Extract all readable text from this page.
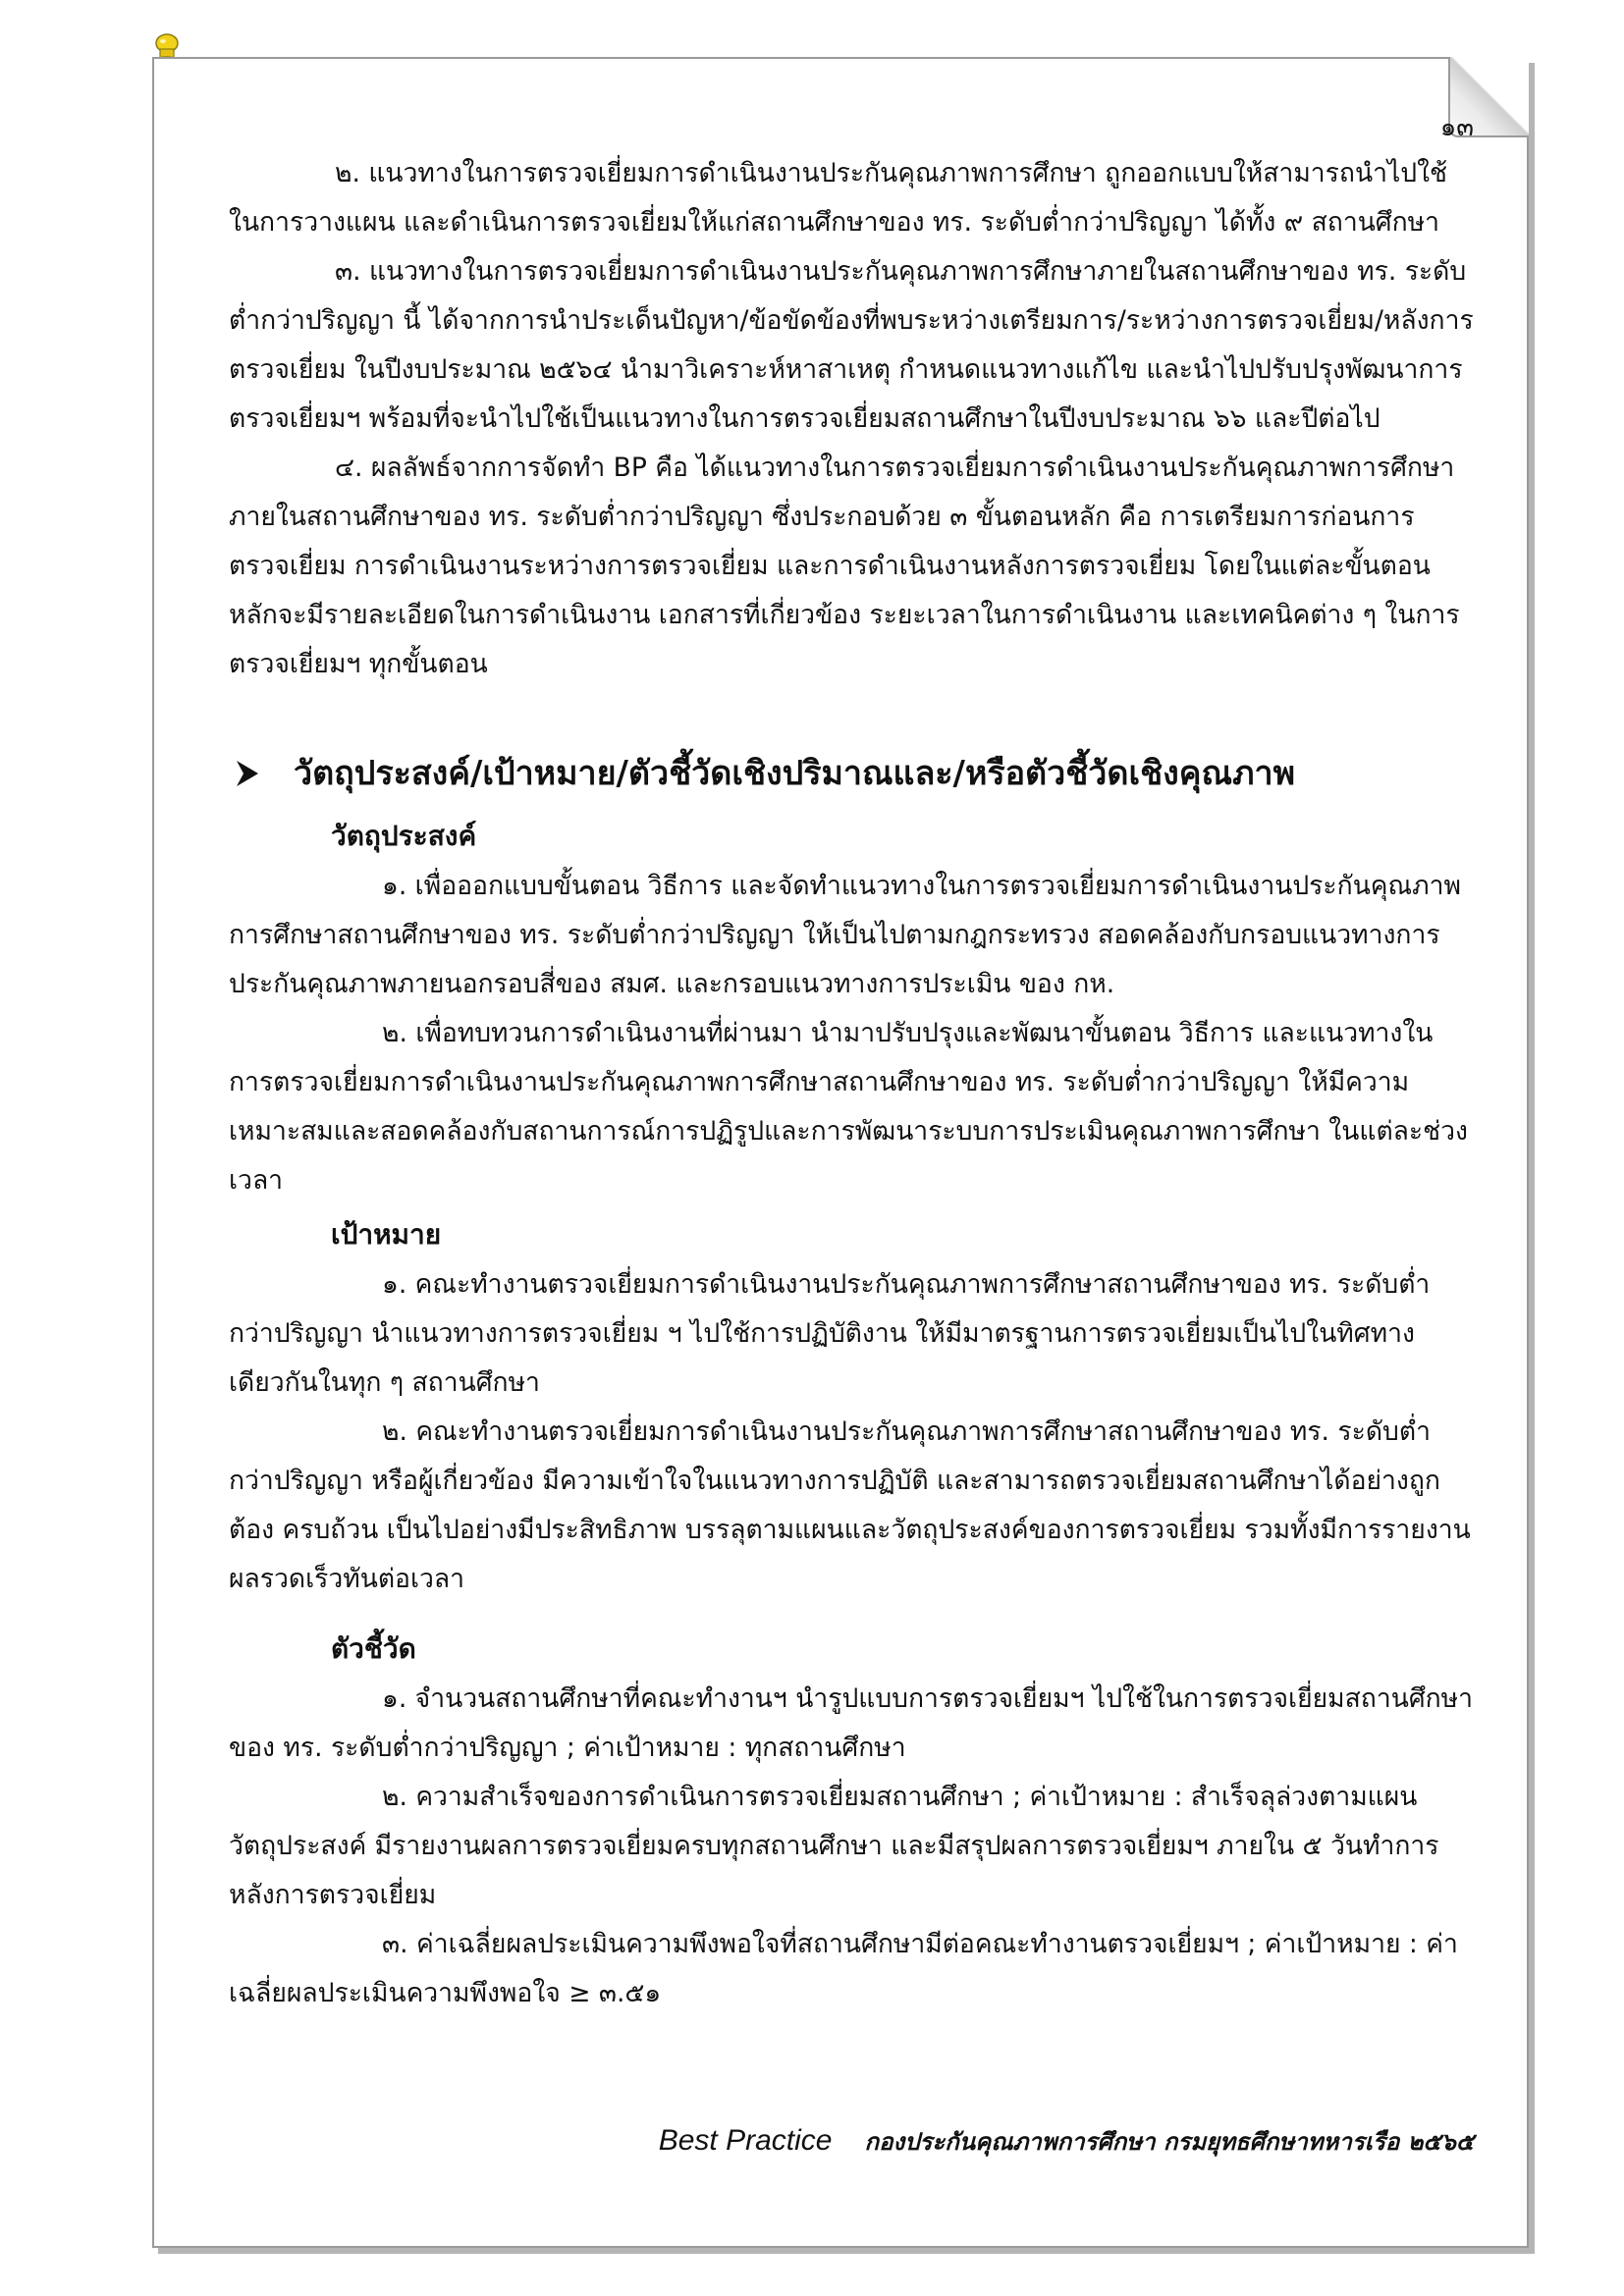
๑๓

๒. แนวทางในการตรวจเยี่ยมการดำเนินงานประกันคุณภาพการศึกษา ถูกออกแบบให้สามารถนำไปใช้ในการวางแผน และดำเนินการตรวจเยี่ยมให้แก่สถานศึกษาของ ทร. ระดับต่ำกว่าปริญญา ได้ทั้ง ๙ สถานศึกษา

๓. แนวทางในการตรวจเยี่ยมการดำเนินงานประกันคุณภาพการศึกษาภายในสถานศึกษาของ ทร. ระดับต่ำกว่าปริญญา นี้ ได้จากการนำประเด็นปัญหา/ข้อขัดข้องที่พบระหว่างเตรียมการ/ระหว่างการตรวจเยี่ยม/หลังการตรวจเยี่ยม ในปีงบประมาณ ๒๕๖๔ นำมาวิเคราะห์หาสาเหตุ กำหนดแนวทางแก้ไข และนำไปปรับปรุงพัฒนาการตรวจเยี่ยมฯ พร้อมที่จะนำไปใช้เป็นแนวทางในการตรวจเยี่ยมสถานศึกษาในปีงบประมาณ ๖๖ และปีต่อไป

๔. ผลลัพธ์จากการจัดทำ BP คือ ได้แนวทางในการตรวจเยี่ยมการดำเนินงานประกันคุณภาพการศึกษาภายในสถานศึกษาของ ทร. ระดับต่ำกว่าปริญญา ซึ่งประกอบด้วย ๓ ขั้นตอนหลัก คือ การเตรียมการก่อนการตรวจเยี่ยม การดำเนินงานระหว่างการตรวจเยี่ยม และการดำเนินงานหลังการตรวจเยี่ยม โดยในแต่ละขั้นตอนหลักจะมีรายละเอียดในการดำเนินงาน เอกสารที่เกี่ยวข้อง ระยะเวลาในการดำเนินงาน และเทคนิคต่าง ๆ ในการตรวจเยี่ยมฯ ทุกขั้นตอน

วัตถุประสงค์/เป้าหมาย/ตัวชี้วัดเชิงปริมาณและ/หรือตัวชี้วัดเชิงคุณภาพ
วัตถุประสงค์

๑. เพื่อออกแบบขั้นตอน วิธีการ และจัดทำแนวทางในการตรวจเยี่ยมการดำเนินงานประกันคุณภาพการศึกษาสถานศึกษาของ ทร. ระดับต่ำกว่าปริญญา ให้เป็นไปตามกฎกระทรวง สอดคล้องกับกรอบแนวทางการประกันคุณภาพภายนอกรอบสี่ของ สมศ. และกรอบแนวทางการประเมิน ของ กห.

๒. เพื่อทบทวนการดำเนินงานที่ผ่านมา นำมาปรับปรุงและพัฒนาขั้นตอน วิธีการ และแนวทางในการตรวจเยี่ยมการดำเนินงานประกันคุณภาพการศึกษาสถานศึกษาของ ทร. ระดับต่ำกว่าปริญญา ให้มีความเหมาะสมและสอดคล้องกับสถานการณ์การปฏิรูปและการพัฒนาระบบการประเมินคุณภาพการศึกษา ในแต่ละช่วงเวลา

เป้าหมาย

๑. คณะทำงานตรวจเยี่ยมการดำเนินงานประกันคุณภาพการศึกษาสถานศึกษาของ ทร. ระดับต่ำกว่าปริญญา นำแนวทางการตรวจเยี่ยม ฯ ไปใช้การปฏิบัติงาน ให้มีมาตรฐานการตรวจเยี่ยมเป็นไปในทิศทางเดียวกันในทุก ๆ สถานศึกษา

๒. คณะทำงานตรวจเยี่ยมการดำเนินงานประกันคุณภาพการศึกษาสถานศึกษาของ ทร. ระดับต่ำกว่าปริญญา หรือผู้เกี่ยวข้อง มีความเข้าใจในแนวทางการปฏิบัติ และสามารถตรวจเยี่ยมสถานศึกษาได้อย่างถูกต้อง ครบถ้วน เป็นไปอย่างมีประสิทธิภาพ บรรลุตามแผนและวัตถุประสงค์ของการตรวจเยี่ยม รวมทั้งมีการรายงานผลรวดเร็วทันต่อเวลา

ตัวชี้วัด

๑. จำนวนสถานศึกษาที่คณะทำงานฯ นำรูปแบบการตรวจเยี่ยมฯ ไปใช้ในการตรวจเยี่ยมสถานศึกษาของ ทร. ระดับต่ำกว่าปริญญา ; ค่าเป้าหมาย : ทุกสถานศึกษา

๒. ความสำเร็จของการดำเนินการตรวจเยี่ยมสถานศึกษา ; ค่าเป้าหมาย : สำเร็จลุล่วงตามแผนวัตถุประสงค์ มีรายงานผลการตรวจเยี่ยมครบทุกสถานศึกษา และมีสรุปผลการตรวจเยี่ยมฯ ภายใน ๕ วันทำการหลังการตรวจเยี่ยม

๓. ค่าเฉลี่ยผลประเมินความพึงพอใจที่สถานศึกษามีต่อคณะทำงานตรวจเยี่ยมฯ ; ค่าเป้าหมาย : ค่าเฉลี่ยผลประเมินความพึงพอใจ ≥ ๓.๕๑

Best Practice กองประกันคุณภาพการศึกษา กรมยุทธศึกษาทหารเรือ ๒๕๖๕
